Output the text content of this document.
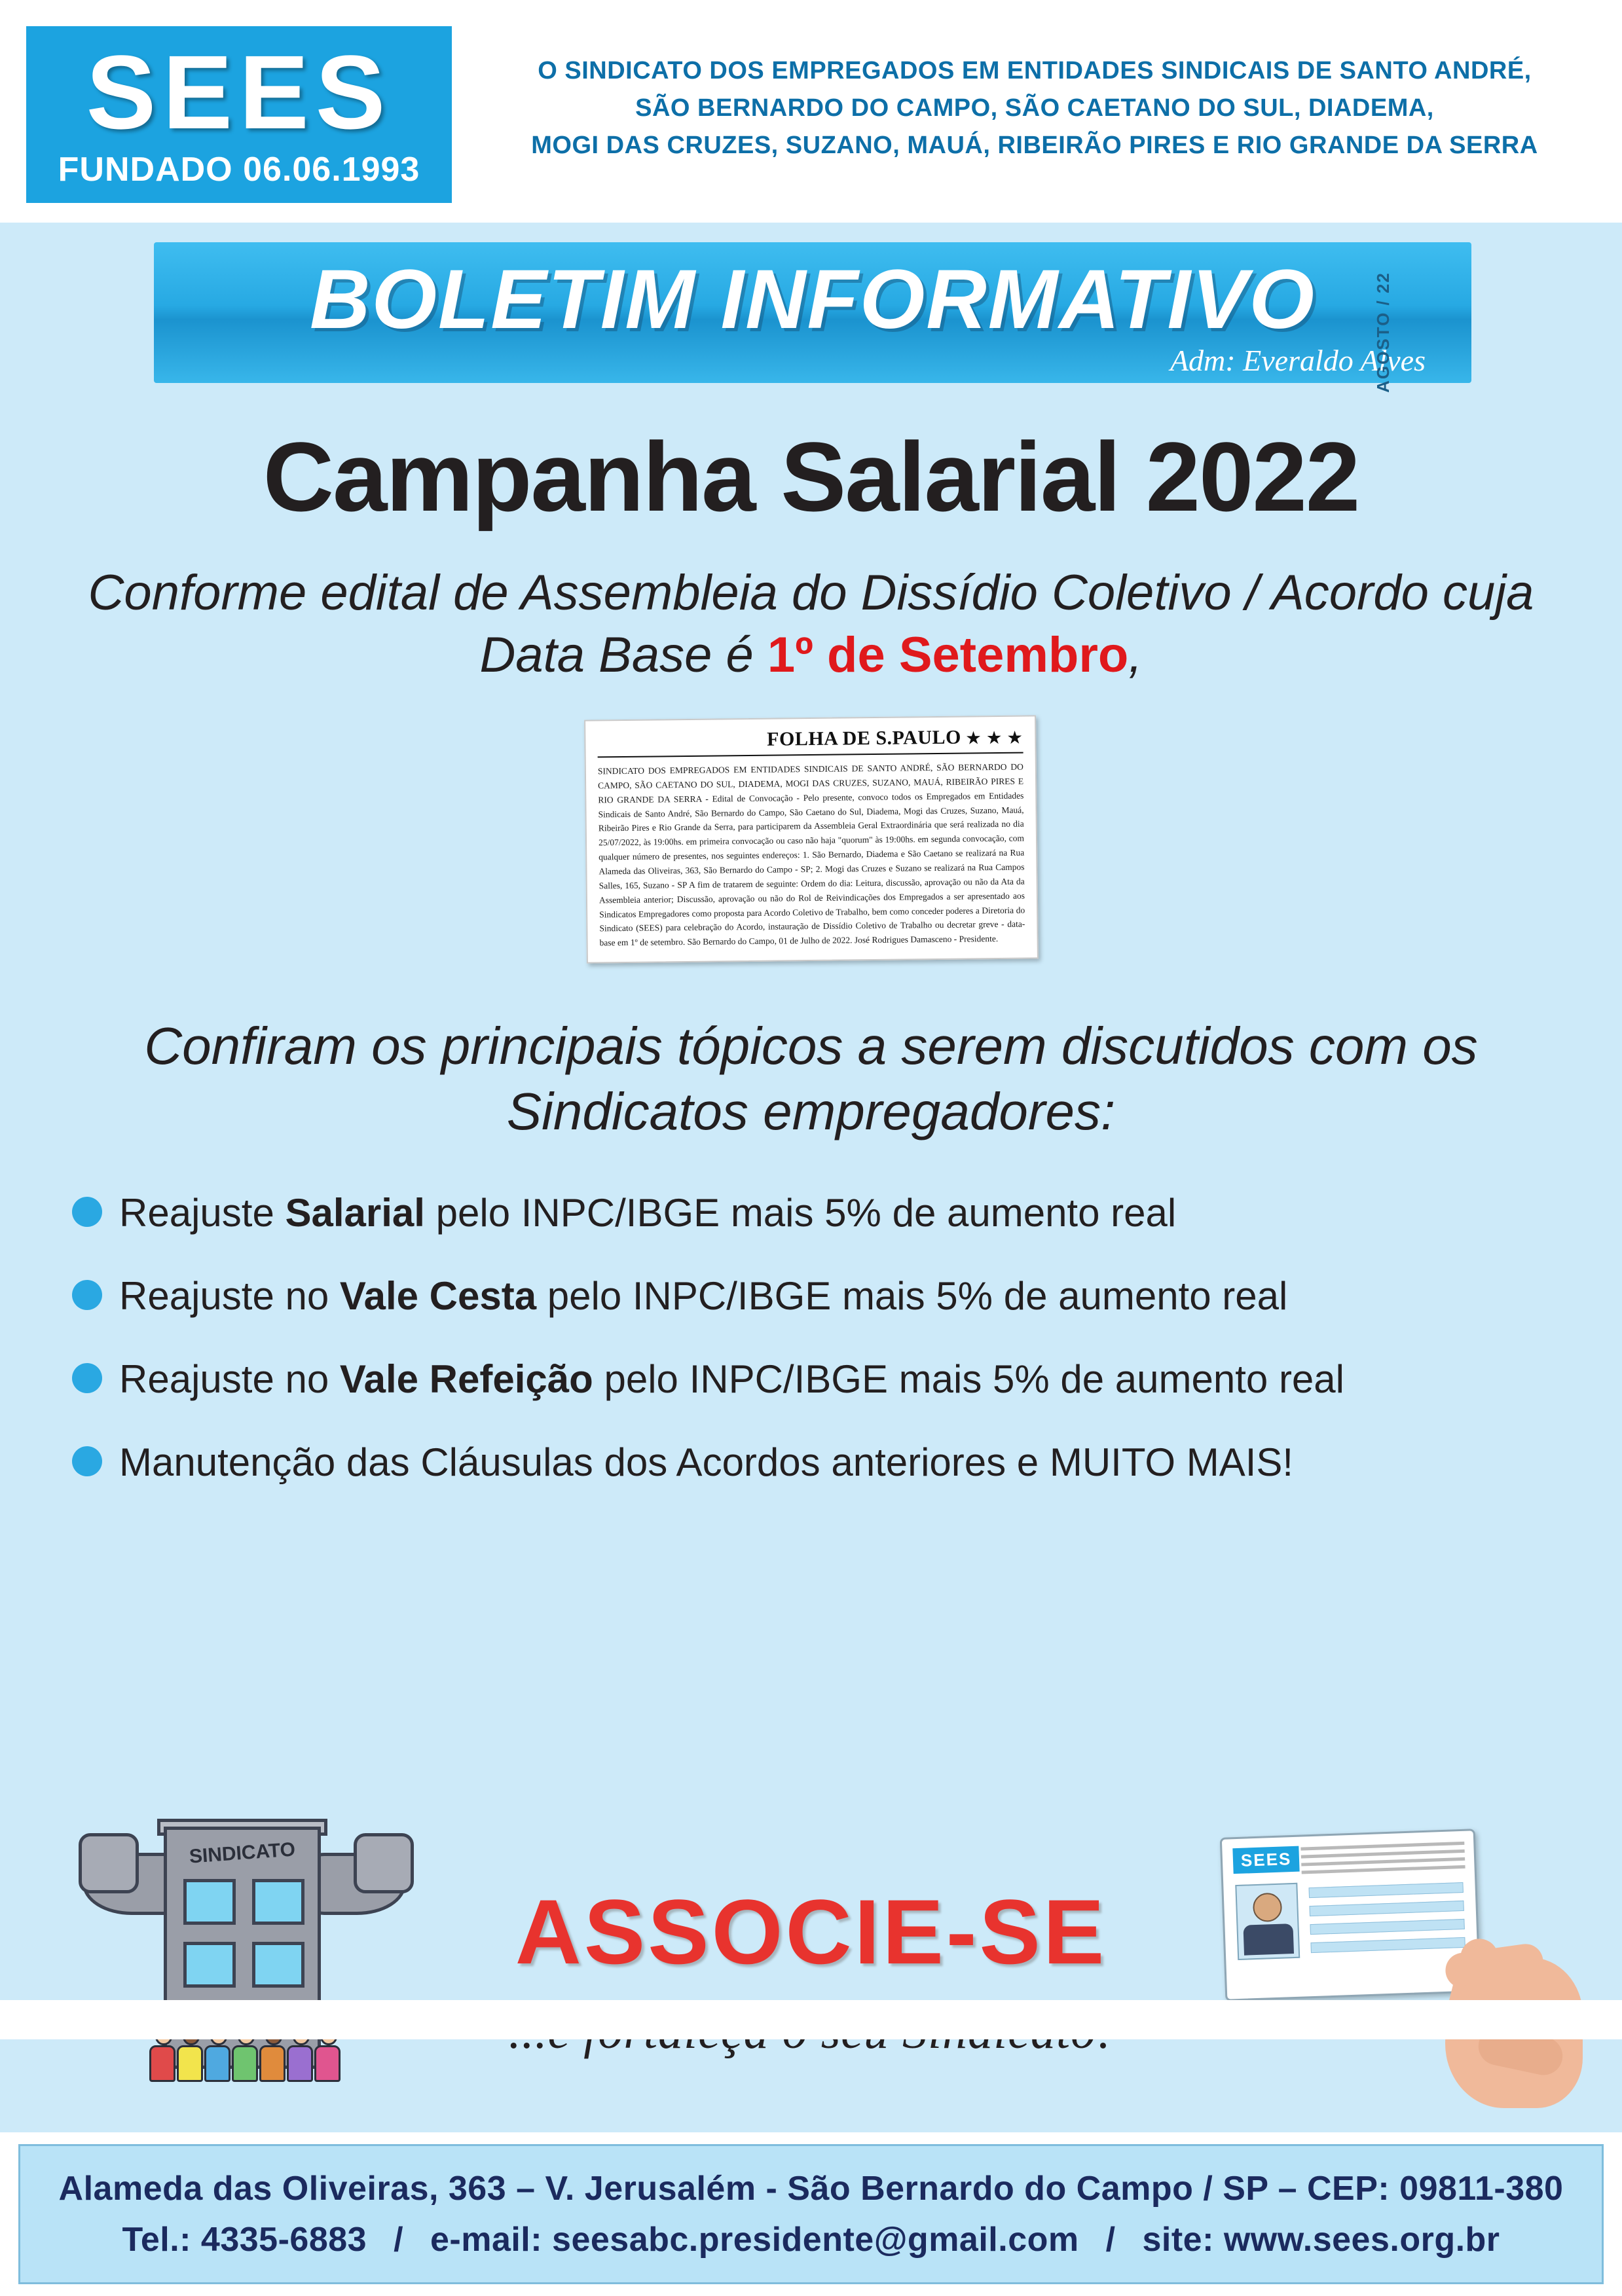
SEES
FUNDADO 06.06.1993
O SINDICATO DOS EMPREGADOS EM ENTIDADES SINDICAIS DE SANTO ANDRÉ,
SÃO BERNARDO DO CAMPO, SÃO CAETANO DO SUL, DIADEMA,
MOGI DAS CRUZES, SUZANO, MAUÁ, RIBEIRÃO PIRES E RIO GRANDE DA SERRA
BOLETIM INFORMATIVO
Adm: Everaldo Alves
AGOSTO / 22
Campanha Salarial 2022
Conforme edital de Assembleia do Dissídio Coletivo / Acordo cuja Data Base é 1º de Setembro,
FOLHA DE S.PAULO ★ ★ ★
SINDICATO DOS EMPREGADOS EM ENTIDADES SINDICAIS DE SANTO ANDRÉ, SÃO BERNARDO DO CAMPO, SÃO CAETANO DO SUL, DIADEMA, MOGI DAS CRUZES, SUZANO, MAUÁ, RIBEIRÃO PIRES E RIO GRANDE DA SERRA - Edital de Convocação - Pelo presente, convoco todos os Empregados em Entidades Sindicais de Santo André, São Bernardo do Campo, São Caetano do Sul, Diadema, Mogi das Cruzes, Suzano, Mauá, Ribeirão Pires e Rio Grande da Serra, para participarem da Assembleia Geral Extraordinária que será realizada no dia 25/07/2022, às 19:00hs. em primeira convocação ou caso não haja "quorum" às 19:00hs. em segunda convocação, com qualquer número de presentes, nos seguintes endereços: 1. São Bernardo, Diadema e São Caetano se realizará na Rua Alameda das Oliveiras, 363, São Bernardo do Campo - SP; 2. Mogi das Cruzes e Suzano se realizará na Rua Campos Salles, 165, Suzano - SP A fim de tratarem de seguinte: Ordem do dia: Leitura, discussão, aprovação ou não da Ata da Assembleia anterior; Discussão, aprovação ou não do Rol de Reivindicações dos Empregados a ser apresentado aos Sindicatos Empregadores como proposta para Acordo Coletivo de Trabalho, bem como conceder poderes a Diretoria do Sindicato (SEES) para celebração do Acordo, instauração de Dissídio Coletivo de Trabalho ou decretar greve - data-base em 1º de setembro. São Bernardo do Campo, 01 de Julho de 2022. José Rodrigues Damasceno - Presidente.
Confiram os principais tópicos a serem discutidos com os Sindicatos empregadores:
Reajuste Salarial pelo INPC/IBGE mais 5% de aumento real
Reajuste no Vale Cesta pelo INPC/IBGE mais 5% de aumento real
Reajuste no Vale Refeição pelo INPC/IBGE mais 5% de aumento real
Manutenção das Cláusulas dos Acordos anteriores e MUITO MAIS!
SINDICATO	SEES
ASSOCIE-SE
Alameda das Oliveiras, 363 – V. Jerusalém - São Bernardo do Campo / SP – CEP: 09811-380
Tel.: 4335-6883 / e-mail: seesabc.presidente@gmail.com / site: www.sees.org.br
